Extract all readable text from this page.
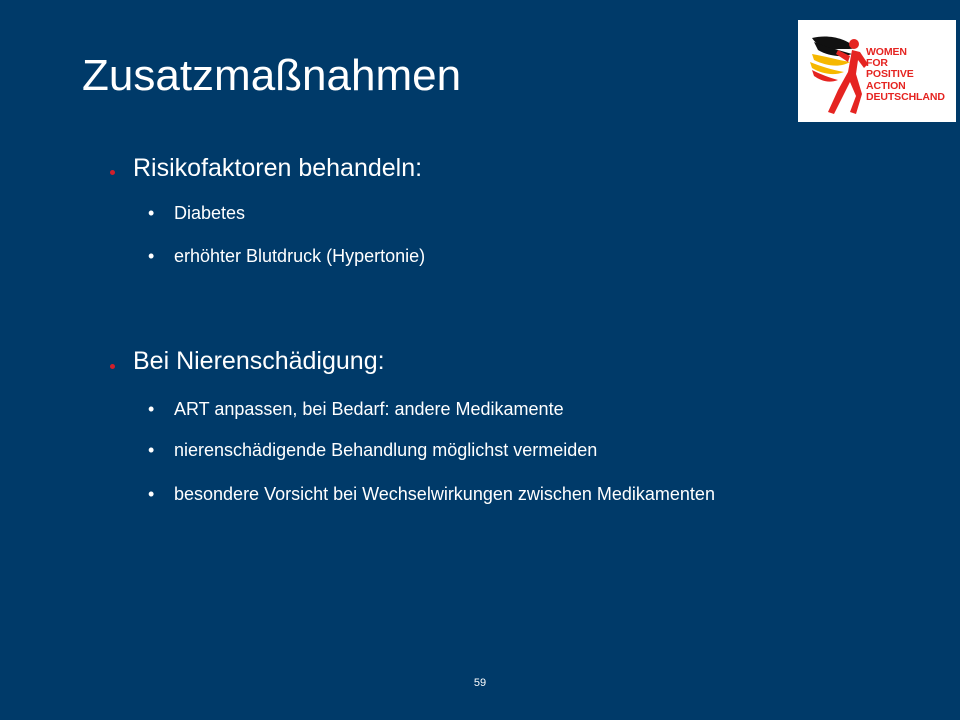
Zusatzmaßnahmen	WOMEN
FOR
POSITIVE
ACTION
DEUTSCHLAND
Risikofaktoren behandeln:
•	Diabetes
•	erhöhter Blutdruck (Hypertonie)
Bei Nierenschädigung:
•	ART anpassen, bei Bedarf: andere Medikamente
•	nierenschädigende Behandlung möglichst vermeiden
•	besondere Vorsicht bei Wechselwirkungen zwischen Medikamenten
59
